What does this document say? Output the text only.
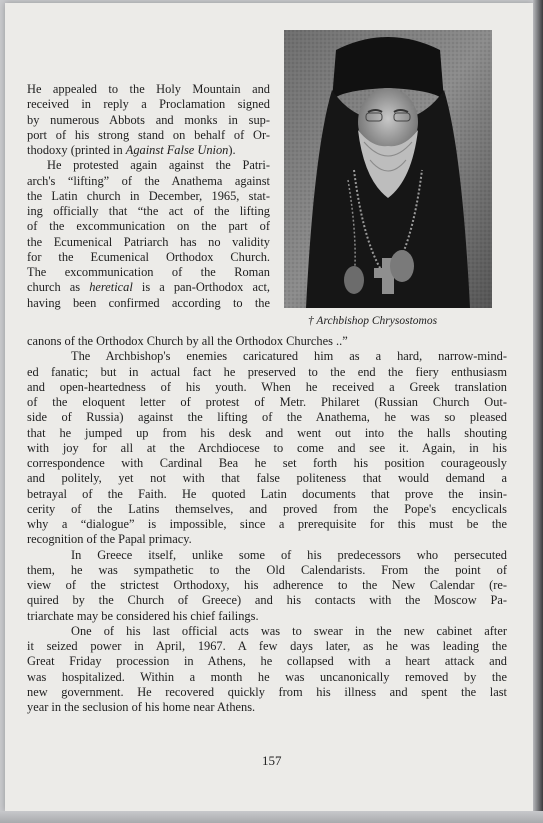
† Archbishop Chrysostomos
He appealed to the Holy Mountain and
received in reply a Proclamation signed
by numerous Abbots and monks in sup-
port of his strong stand on behalf of Or-
thodoxy (printed in Against False Union).
He protested again against the Patri-
arch's “lifting” of the Anathema against
the Latin church in December, 1965, stat-
ing officially that “the act of the lifting
of the excommunication on the part of
the Ecumenical Patriarch has no validity
for the Ecumenical Orthodox Church.
The excommunication of the Roman
church as heretical is a pan-Orthodox act,
having been confirmed according to the
canons of the Orthodox Church by all the Orthodox Churches ..”
The Archbishop's enemies caricatured him as a hard, narrow-mind-
ed fanatic; but in actual fact he preserved to the end the fiery enthusiasm
and open-heartedness of his youth. When he received a Greek translation
of the eloquent letter of protest of Metr. Philaret (Russian Church Out-
side of Russia) against the lifting of the Anathema, he was so pleased
that he jumped up from his desk and went out into the halls shouting
with joy for all at the Archdiocese to come and see it. Again, in his
correspondence with Cardinal Bea he set forth his position courageously
and politely, yet not with that false politeness that would demand a
betrayal of the Faith. He quoted Latin documents that prove the insin-
cerity of the Latins themselves, and proved from the Pope's encyclicals
why a “dialogue” is impossible, since a prerequisite for this must be the
recognition of the Papal primacy.
In Greece itself, unlike some of his predecessors who persecuted
them, he was sympathetic to the Old Calendarists. From the point of
view of the strictest Orthodoxy, his adherence to the New Calendar (re-
quired by the Church of Greece) and his contacts with the Moscow Pa-
triarchate may be considered his chief failings.
One of his last official acts was to swear in the new cabinet after
it seized power in April, 1967. A few days later, as he was leading the
Great Friday procession in Athens, he collapsed with a heart attack and
was hospitalized. Within a month he was uncanonically removed by the
new government. He recovered quickly from his illness and spent the last
year in the seclusion of his home near Athens.
157
